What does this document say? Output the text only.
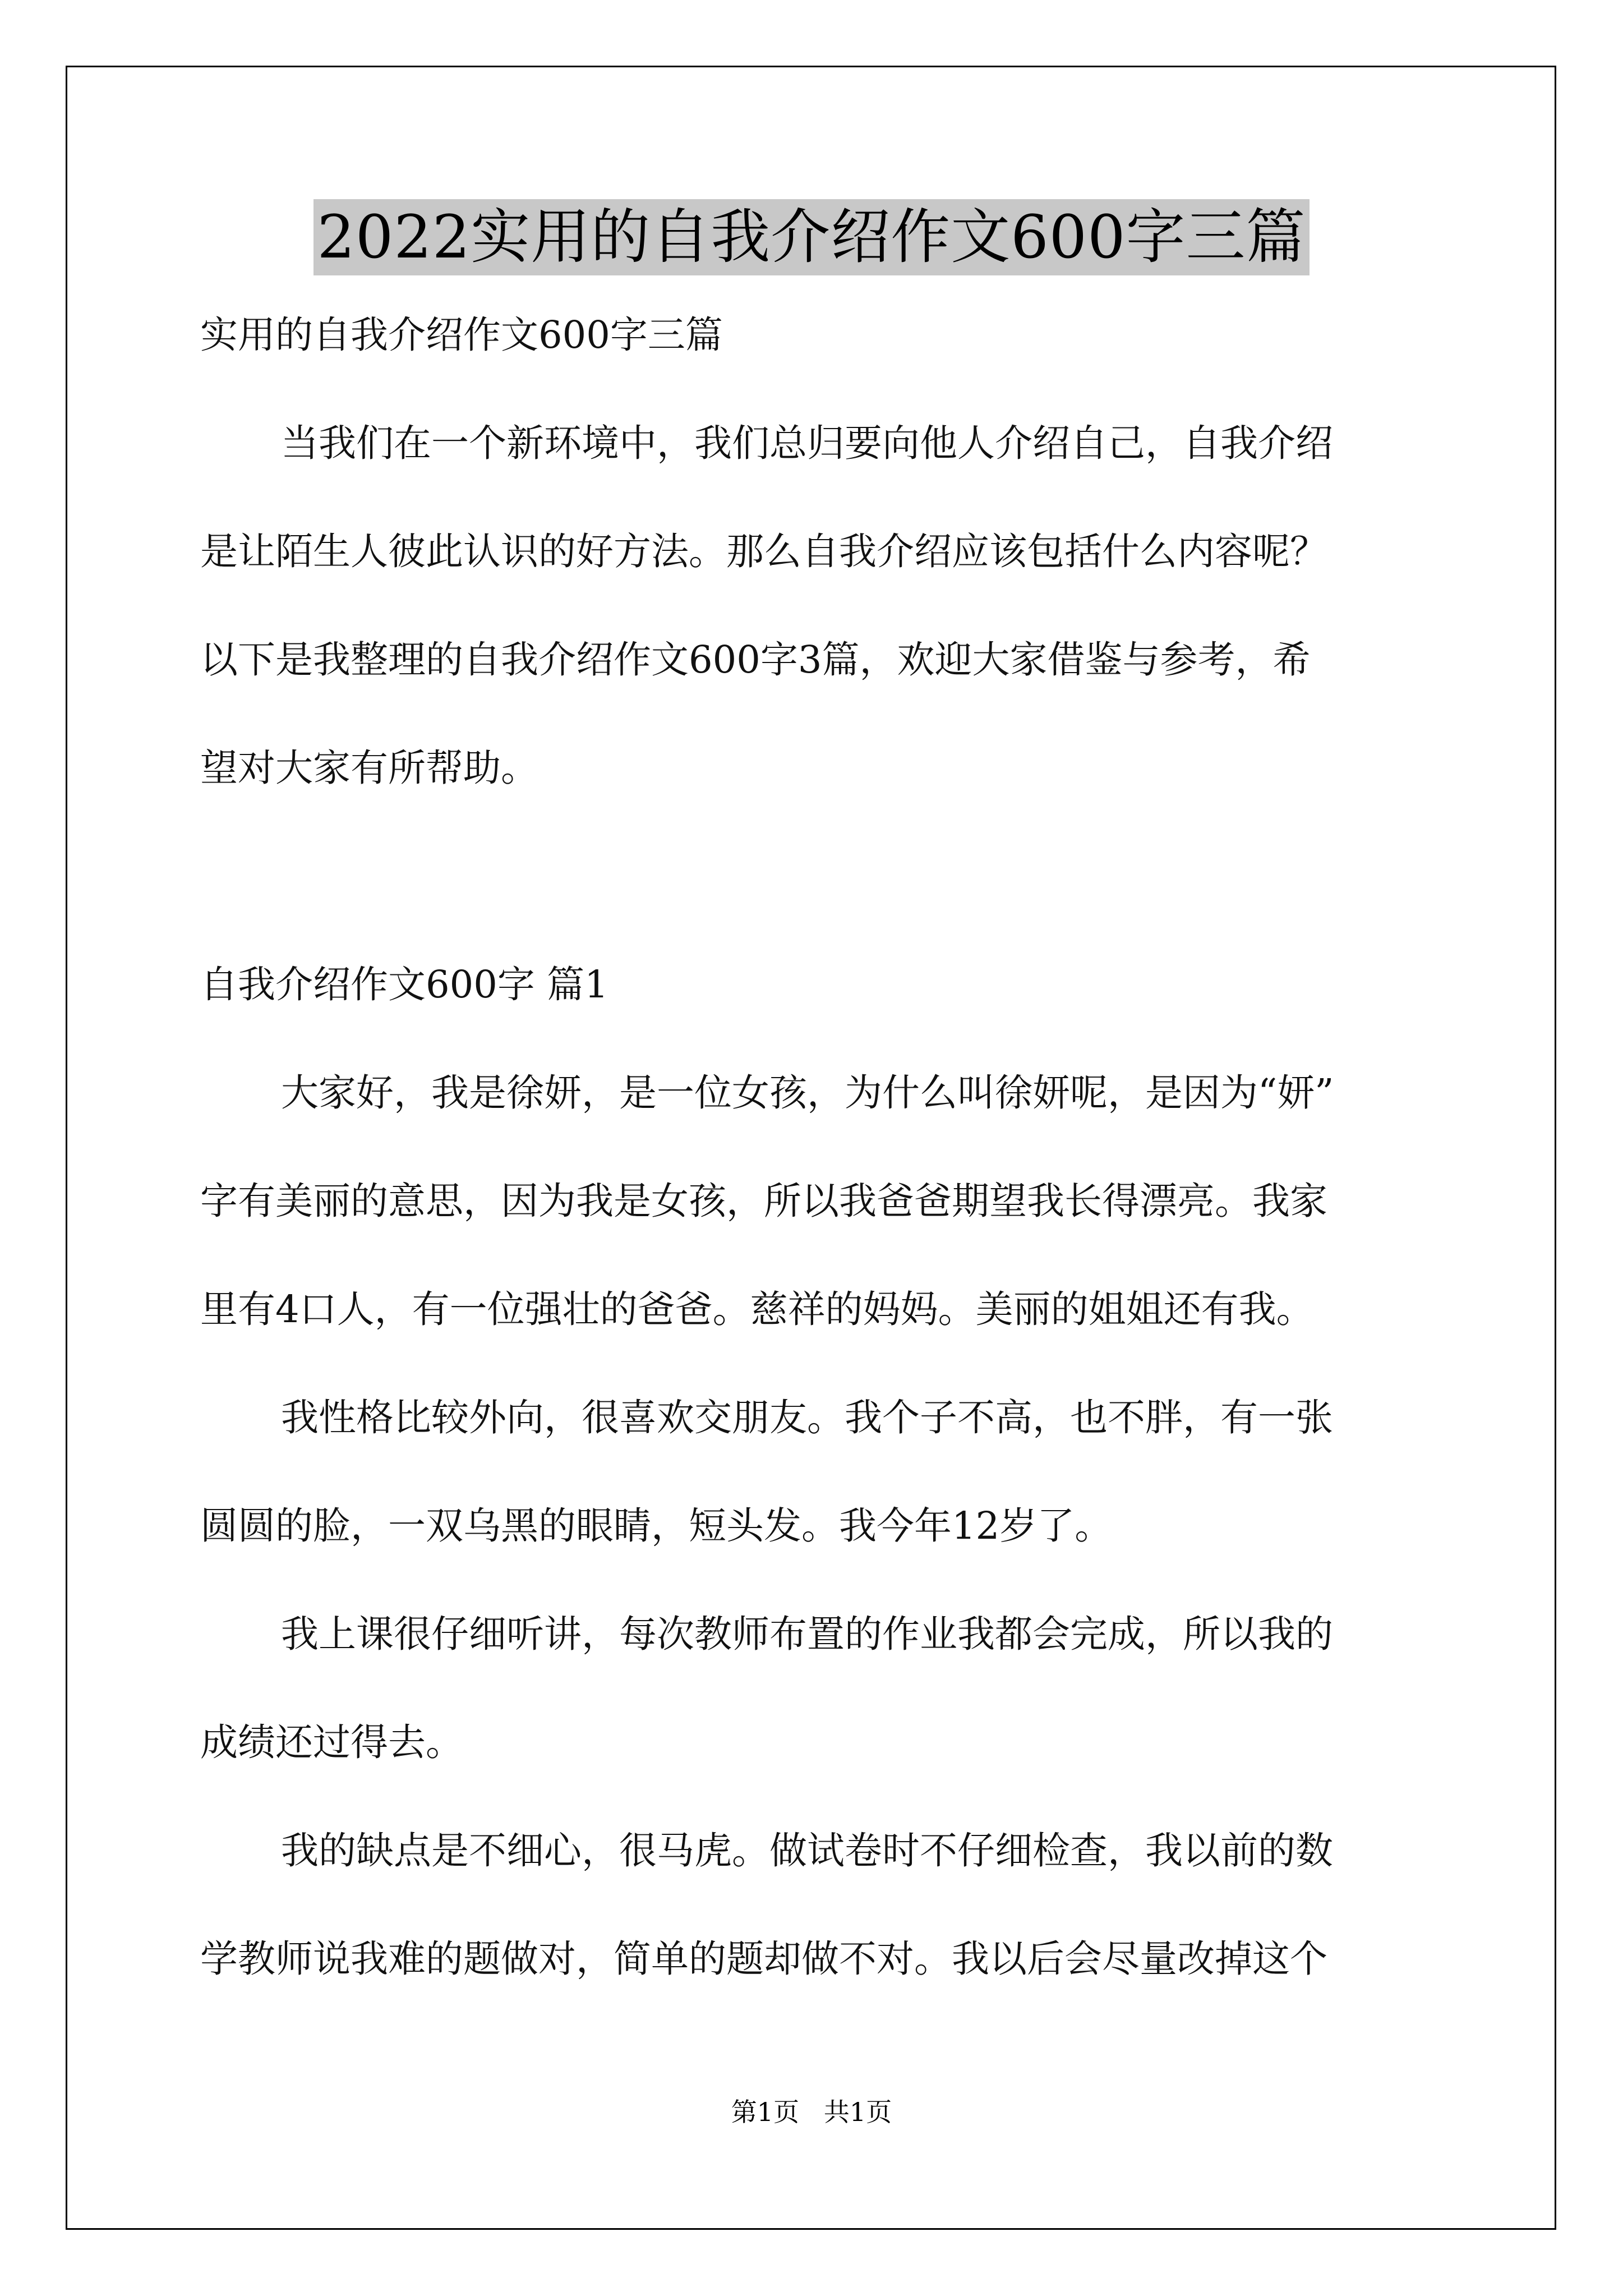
2022实用的自我介绍作文600字三篇
实用的自我介绍作文600字三篇
当我们在一个新环境中，我们总归要向他人介绍自己，自我介绍
是让陌生人彼此认识的好方法。那么自我介绍应该包括什么内容呢？
以下是我整理的自我介绍作文600字3篇，欢迎大家借鉴与参考，希
望对大家有所帮助。
自我介绍作文600字 篇1
大家好，我是徐妍，是一位女孩，为什么叫徐妍呢，是因为“妍”
字有美丽的意思，因为我是女孩，所以我爸爸期望我长得漂亮。我家
里有4口人，有一位强壮的爸爸。慈祥的妈妈。美丽的姐姐还有我。
我性格比较外向，很喜欢交朋友。我个子不高，也不胖，有一张
圆圆的脸，一双乌黑的眼睛，短头发。我今年12岁了。
我上课很仔细听讲，每次教师布置的作业我都会完成，所以我的
成绩还过得去。
我的缺点是不细心，很马虎。做试卷时不仔细检查，我以前的数
学教师说我难的题做对，简单的题却做不对。我以后会尽量改掉这个
第1页   共1页
